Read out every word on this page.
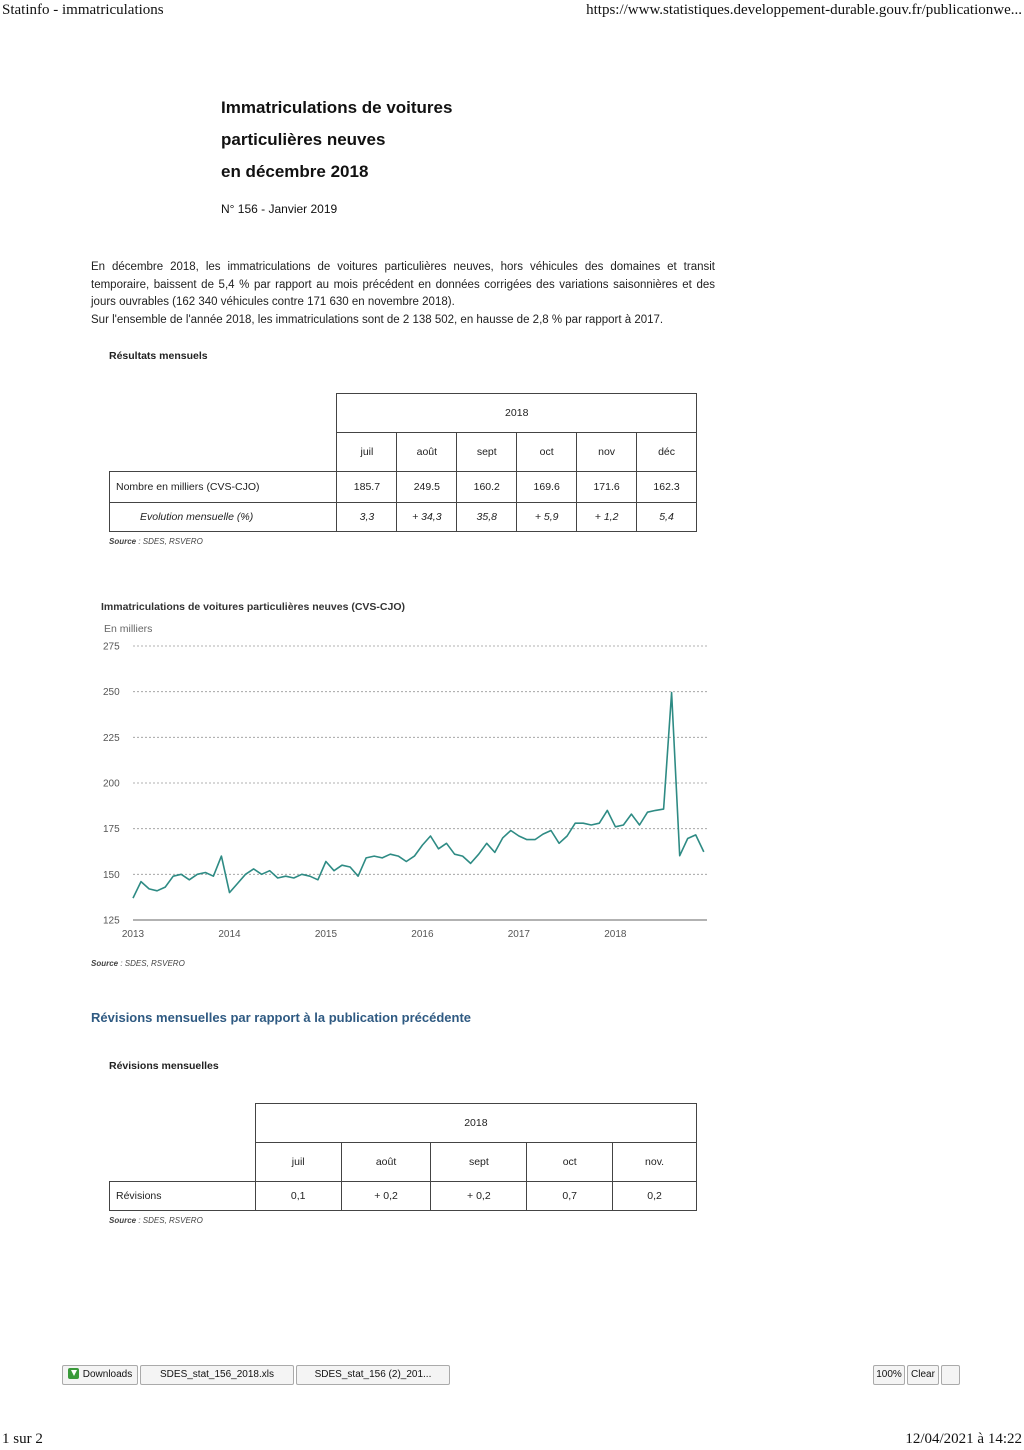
Statinfo - immatriculations	https://www.statistiques.developpement-durable.gouv.fr/publicationwe...
Immatriculations de voitures
particulières neuves
en décembre 2018
N° 156 - Janvier 2019

En décembre 2018, les immatriculations de voitures particulières neuves, hors véhicules des domaines et transit temporaire, baissent de 5,4 % par rapport au mois précédent en données corrigées des variations saisonnières et des jours ouvrables (162 340 véhicules contre 171 630 en novembre 2018).

Sur l'ensemble de l'année 2018, les immatriculations sont de 2 138 502, en hausse de 2,8 % par rapport à 2017.

Résultats mensuels
	2018					
	juil	août	sept	oct	nov	déc
Nombre en milliers (CVS-CJO)	185.7	249.5	160.2	169.6	171.6	162.3
Evolution mensuelle (%)	3,3	+ 34,3	35,8	+ 5,9	+ 1,2	5,4
Source : SDES, RSVERO
Immatriculations de voitures particulières neuves (CVS-CJO)
En milliers
275
250
225
200
175
150
125
2013	2014	2015	2016	2017	2018
Source : SDES, RSVERO
Révisions mensuelles par rapport à la publication précédente
Révisions mensuelles
	2018				
	juil	août	sept	oct	nov.
Révisions	0,1	+ 0,2	+ 0,2	0,7	0,2
Source : SDES, RSVERO
Downloads	SDES_stat_156_2018.xls	SDES_stat_156 (2)_201...	100% Clear
1 sur 2	12/04/2021 à 14:22
